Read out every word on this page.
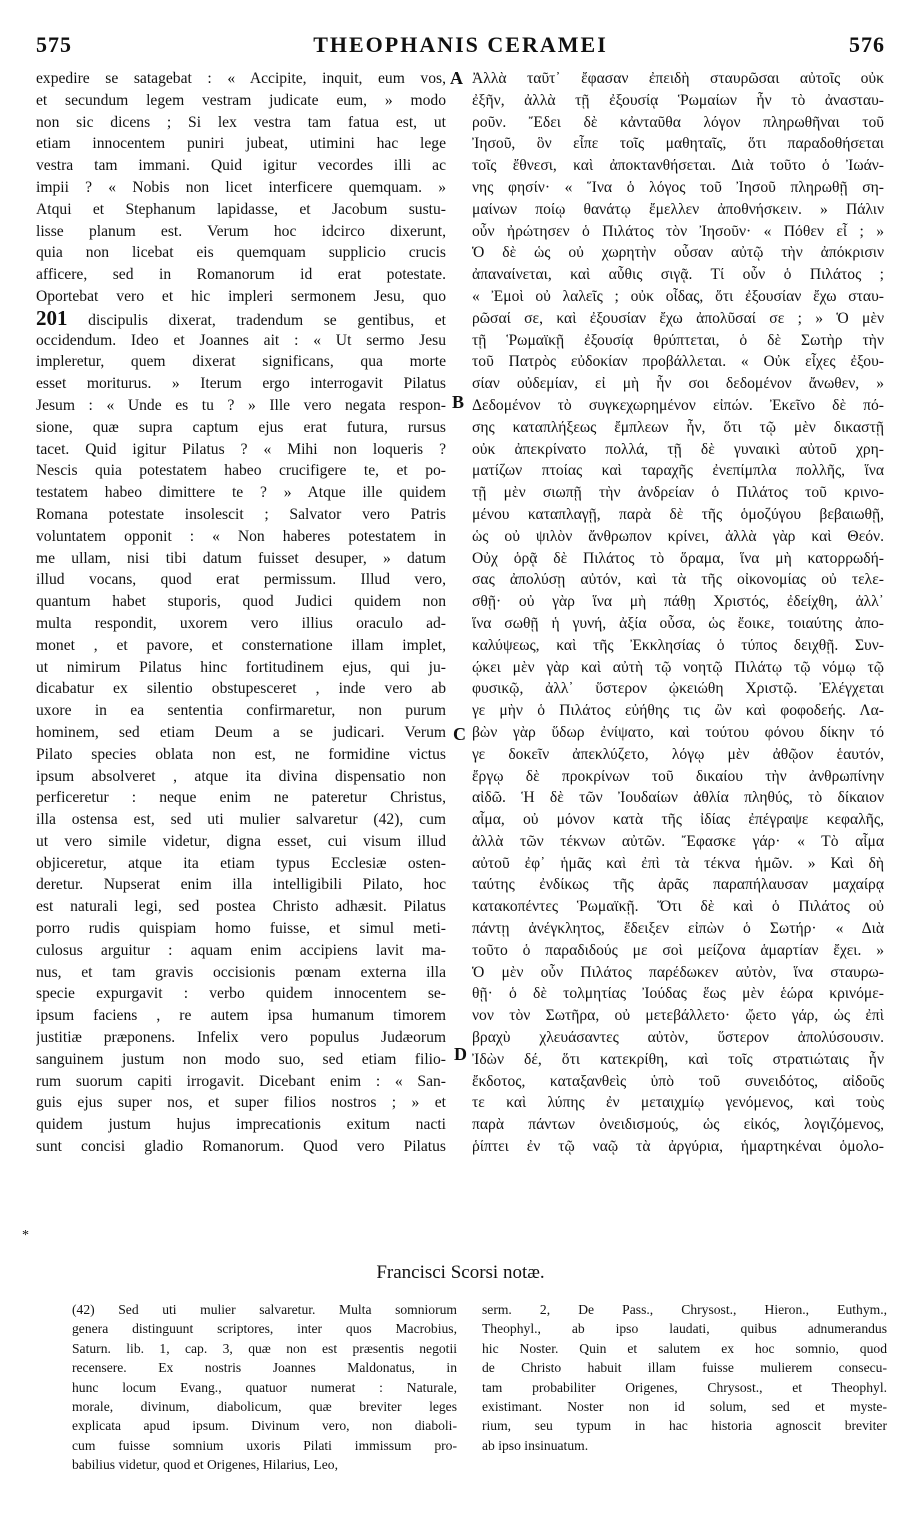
575	THEOPHANIS CERAMEI	576
expedire se satagebat : « Accipite, inquit, eum vos,
et secundum legem vestram judicate eum, » modo
non sic dicens ; Si lex vestra tam fatua est, ut
etiam innocentem puniri jubeat, utimini hac lege
vestra tam immani. Quid igitur vecordes illi ac
impii ? « Nobis non licet interficere quemquam. »
Atqui et Stephanum lapidasse, et Jacobum sustu-
lisse planum est. Verum hoc idcirco dixerunt,
quia non licebat eis quemquam supplicio crucis
afficere, sed in Romanorum id erat potestate.
Oportebat vero et hic impleri sermonem Jesu, quo
201 discipulis dixerat, tradendum se gentibus, et
occidendum. Ideo et Joannes ait : « Ut sermo Jesu
impleretur, quem dixerat significans, qua morte
esset moriturus. » Iterum ergo interrogavit Pilatus
Jesum : « Unde es tu ? » Ille vero negata respon-
sione, quæ supra captum ejus erat futura, rursus
tacet. Quid igitur Pilatus ? « Mihi non loqueris ?
Nescis quia potestatem habeo crucifigere te, et po-
testatem habeo dimittere te ? » Atque ille quidem
Romana potestate insolescit ; Salvator vero Patris
voluntatem opponit : « Non haberes potestatem in
me ullam, nisi tibi datum fuisset desuper, » datum
illud vocans, quod erat permissum. Illud vero,
quantum habet stuporis, quod Judici quidem non
multa respondit, uxorem vero illius oraculo ad-
monet , et pavore, et consternatione illam implet,
ut nimirum Pilatus hinc fortitudinem ejus, qui ju-
dicabatur ex silentio obstupesceret , inde vero ab
uxore in ea sententia confirmaretur, non purum
hominem, sed etiam Deum a se judicari. Verum
Pilato species oblata non est, ne formidine victus
ipsum absolveret , atque ita divina dispensatio non
perficeretur : neque enim ne pateretur Christus,
illa ostensa est, sed uti mulier salvaretur (42), cum
ut vero simile videtur, digna esset, cui visum illud
objiceretur, atque ita etiam typus Ecclesiæ osten-
deretur. Nupserat enim illa intelligibili Pilato, hoc
est naturali legi, sed postea Christo adhæsit. Pilatus
porro rudis quispiam homo fuisse, et simul meti-
culosus arguitur : aquam enim accipiens lavit ma-
nus, et tam gravis occisionis pœnam externa illa
specie expurgavit : verbo quidem innocentem se-
ipsum faciens , re autem ipsa humanum timorem
justitiæ præponens. Infelix vero populus Judæorum
sanguinem justum non modo suo, sed etiam filio-
rum suorum capiti irrogavit. Dicebant enim : « San-
guis ejus super nos, et super filios nostros ; » et
quidem justum hujus imprecationis exitum nacti
sunt concisi gladio Romanorum. Quod vero Pilatus
Ἀλλὰ ταῦτ᾽ ἔφασαν ἐπειδὴ σταυρῶσαι αὐτοῖς οὐκ
ἐξῆν, ἀλλὰ τῇ ἐξουσίᾳ Ῥωμαίων ἦν τὸ ἀνασταυ-
ροῦν. Ἔδει δὲ κἀνταῦθα λόγον πληρωθῆναι τοῦ
Ἰησοῦ, ὃν εἶπε τοῖς μαθηταῖς, ὅτι παραδοθήσεται
τοῖς ἔθνεσι, καὶ ἀποκτανθήσεται. Διὰ τοῦτο ὁ Ἰωάν-
νης φησίν· « Ἵνα ὁ λόγος τοῦ Ἰησοῦ πληρωθῇ ση-
μαίνων ποίῳ θανάτῳ ἔμελλεν ἀποθνήσκειν. » Πάλιν
οὖν ἠρώτησεν ὁ Πιλάτος τὸν Ἰησοῦν· « Πόθεν εἶ ; »
Ὁ δὲ ὡς οὐ χωρητὴν οὖσαν αὐτῷ τὴν ἀπόκρισιν
ἀπαναίνεται, καὶ αὖθις σιγᾷ. Τί οὖν ὁ Πιλάτος ;
« Ἐμοὶ οὐ λαλεῖς ; οὐκ οἶδας, ὅτι ἐξουσίαν ἔχω σταυ-
ρῶσαί σε, καὶ ἐξουσίαν ἔχω ἀπολῦσαί σε ; » Ὁ μὲν
τῇ Ῥωμαϊκῇ ἐξουσίᾳ θρύπτεται, ὁ δὲ Σωτὴρ τὴν
τοῦ Πατρὸς εὐδοκίαν προβάλλεται. « Οὐκ εἶχες ἐξου-
σίαν οὐδεμίαν, εἰ μὴ ἦν σοι δεδομένον ἄνωθεν, »
Δεδομένον τὸ συγκεχωρημένον εἰπών. Ἐκεῖνο δὲ πό-
σης καταπλήξεως ἔμπλεων ἦν, ὅτι τῷ μὲν δικαστῇ
οὐκ ἀπεκρίνατο πολλά, τῇ δὲ γυναικὶ αὐτοῦ χρη-
ματίζων πτοίας καὶ ταραχῆς ἐνεπίμπλα πολλῆς, ἵνα
τῇ μὲν σιωπῇ τὴν ἀνδρείαν ὁ Πιλάτος τοῦ κρινο-
μένου καταπλαγῇ, παρὰ δὲ τῆς ὁμοζύγου βεβαιωθῇ,
ὡς οὐ ψιλὸν ἄνθρωπον κρίνει, ἀλλὰ γὰρ καὶ Θεόν.
Οὐχ ὁρᾷ δὲ Πιλάτος τὸ ὅραμα, ἵνα μὴ κατορρωδή-
σας ἀπολύσῃ αὐτόν, καὶ τὰ τῆς οἰκονομίας οὐ τελε-
σθῇ· οὐ γὰρ ἵνα μὴ πάθῃ Χριστός, ἐδείχθη, ἀλλ᾽
ἵνα σωθῇ ἡ γυνή, ἀξία οὖσα, ὡς ἔοικε, τοιαύτης ἀπο-
καλύψεως, καὶ τῆς Ἐκκλησίας ὁ τύπος δειχθῇ. Συν-
ῴκει μὲν γὰρ καὶ αὐτὴ τῷ νοητῷ Πιλάτῳ τῷ νόμῳ τῷ
φυσικῷ, ἀλλ᾽ ὕστερον ᾠκειώθη Χριστῷ. Ἐλέγχεται
γε μὴν ὁ Πιλάτος εὐήθης τις ὢν καὶ φοφοδεής. Λα-
βὼν γὰρ ὕδωρ ἐνίψατο, καὶ τούτου φόνου δίκην τό
γε δοκεῖν ἀπεκλύζετο, λόγῳ μὲν ἀθῷον ἑαυτόν,
ἔργῳ δὲ προκρίνων τοῦ δικαίου τὴν ἀνθρωπίνην
αἰδῶ. Ἡ δὲ τῶν Ἰουδαίων ἀθλία πληθύς, τὸ δίκαιον
αἷμα, οὐ μόνον κατὰ τῆς ἰδίας ἐπέγραψε κεφαλῆς,
ἀλλὰ τῶν τέκνων αὐτῶν. Ἔφασκε γάρ· « Τὸ αἷμα
αὐτοῦ ἐφ᾽ ἡμᾶς καὶ ἐπὶ τὰ τέκνα ἡμῶν. » Καὶ δὴ
ταύτης ἐνδίκως τῆς ἀρᾶς παραπήλαυσαν μαχαίρᾳ
κατακοπέντες Ῥωμαϊκῇ. Ὅτι δὲ καὶ ὁ Πιλάτος οὐ
πάντῃ ἀνέγκλητος, ἔδειξεν εἰπὼν ὁ Σωτήρ· « Διὰ
τοῦτο ὁ παραδιδούς με σοὶ μείζονα ἁμαρτίαν ἔχει. »
Ὁ μὲν οὖν Πιλάτος παρέδωκεν αὐτὸν, ἵνα σταυρω-
θῇ· ὁ δὲ τολμητίας Ἰούδας ἕως μὲν ἑώρα κρινόμε-
νον τὸν Σωτῆρα, οὐ μετεβάλλετο· ᾤετο γάρ, ὡς ἐπὶ
βραχὺ χλευάσαντες αὐτὸν, ὕστερον ἀπολύσουσιν.
Ἰδὼν δέ, ὅτι κατεκρίθη, καὶ τοῖς στρατιώταις ἦν
ἔκδοτος, καταξανθεὶς ὑπὸ τοῦ συνειδότος, αἰδοῦς
τε καὶ λύπης ἐν μεταιχμίῳ γενόμενος, καὶ τοὺς
παρὰ πάντων ὀνειδισμούς, ὡς εἰκός, λογιζόμενος,
ῥίπτει ἐν τῷ ναῷ τὰ ἀργύρια, ἡμαρτηκέναι ὁμολο-
A
B
C
D
*
Francisci Scorsi notæ.
(42) Sed uti mulier salvaretur. Multa somniorum
genera distinguunt scriptores, inter quos Macrobius,
Saturn. lib. 1, cap. 3, quæ non est præsentis negotii
recensere. Ex nostris Joannes Maldonatus, in
hunc locum Evang., quatuor numerat : Naturale,
morale, divinum, diabolicum, quæ breviter leges
explicata apud ipsum. Divinum vero, non diaboli-
cum fuisse somnium uxoris Pilati immissum pro-
babilius videtur, quod et Origenes, Hilarius, Leo,
serm. 2, De Pass., Chrysost., Hieron., Euthym.,
Theophyl., ab ipso laudati, quibus adnumerandus
hic Noster. Quin et salutem ex hoc somnio, quod
de Christo habuit illam fuisse mulierem consecu-
tam probabiliter Origenes, Chrysost., et Theophyl.
existimant. Noster non id solum, sed et myste-
rium, seu typum in hac historia agnoscit breviter
ab ipso insinuatum.
